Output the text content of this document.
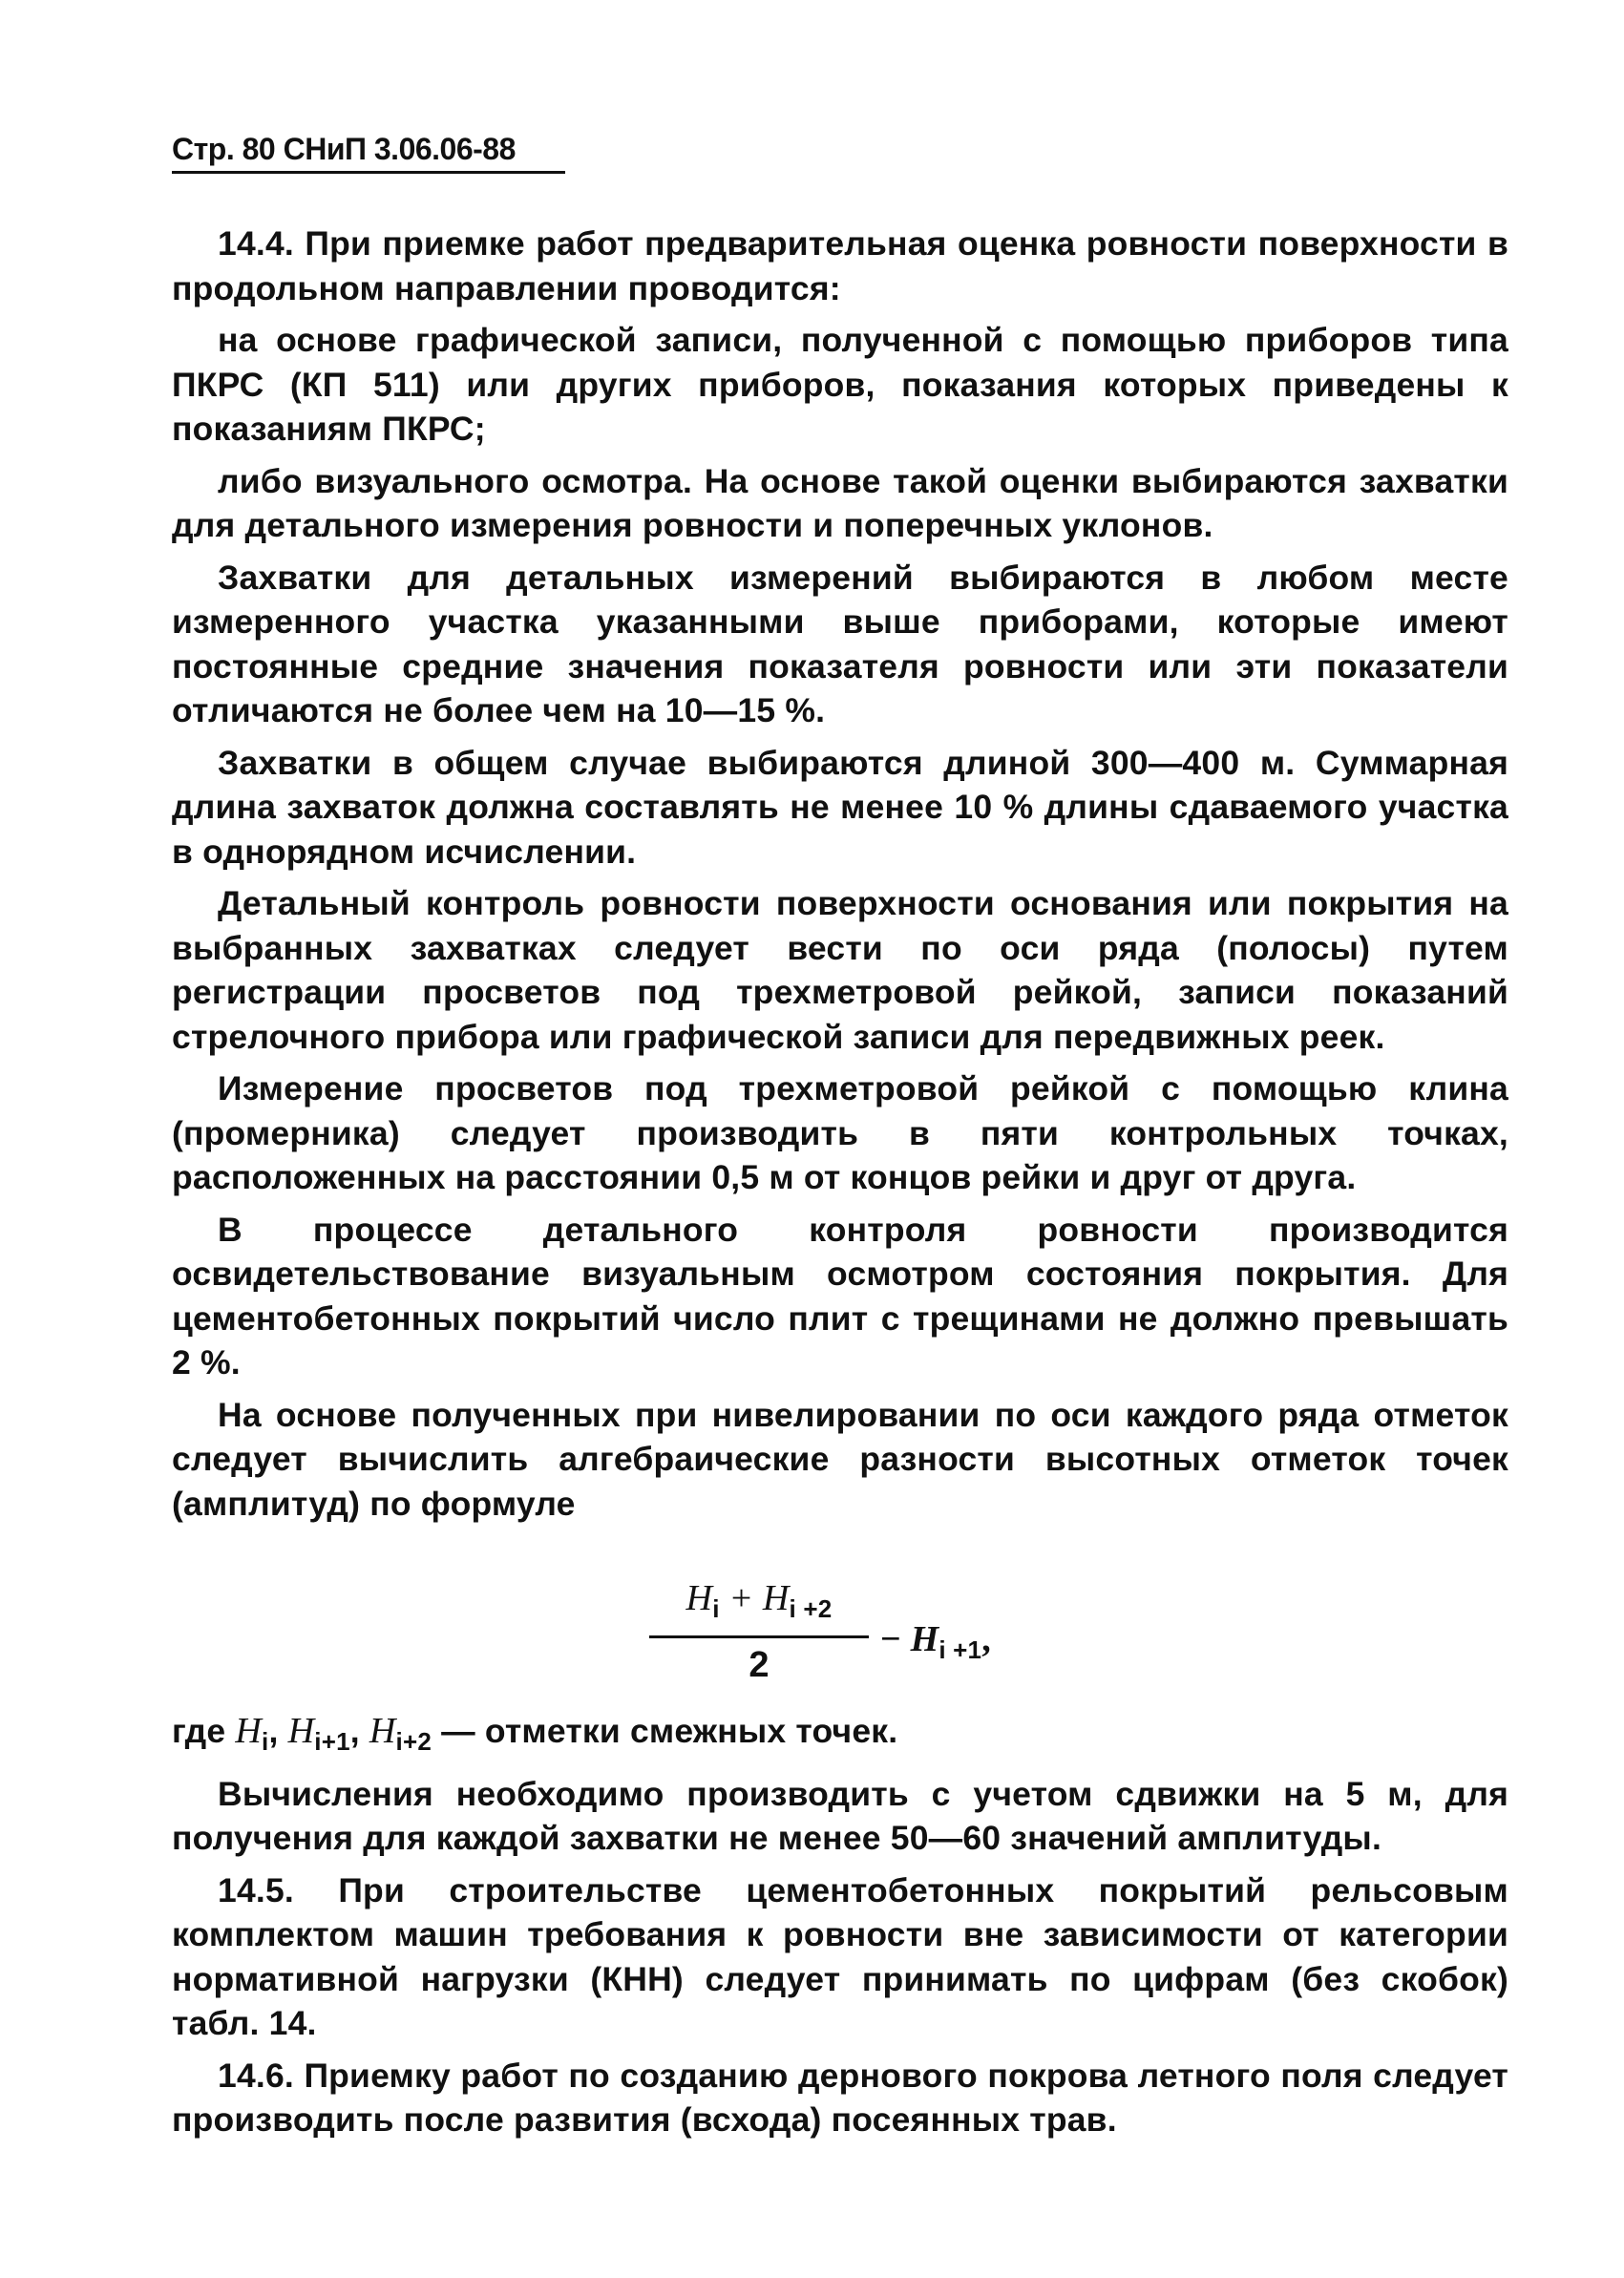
Стр. 80 СНиП 3.06.06-88

14.4. При приемке работ предварительная оценка ровности поверхности в продольном направлении проводится:

на основе графической записи, полученной с помощью приборов типа ПКРС (КП 511) или других приборов, показания которых приведены к показаниям ПКРС;

либо визуального осмотра. На основе такой оценки выбираются захватки для детального измерения ровности и поперечных уклонов.

Захватки для детальных измерений выбираются в любом месте измеренного участка указанными выше приборами, которые имеют постоянные средние значения показателя ровности или эти показатели отличаются не более чем на 10—15 %.

Захватки в общем случае выбираются длиной 300—400 м. Суммарная длина захваток должна составлять не менее 10 % длины сдаваемого участка в однорядном исчислении.

Детальный контроль ровности поверхности основания или покрытия на выбранных захватках следует вести по оси ряда (полосы) путем регистрации просветов под трехметровой рейкой, записи показаний стрелочного прибора или графической записи для передвижных реек.

Измерение просветов под трехметровой рейкой с помощью клина (промерника) следует производить в пяти контрольных точках, расположенных на расстоянии 0,5 м от концов рейки и друг от друга.

В процессе детального контроля ровности производится освидетельствование визуальным осмотром состояния покрытия. Для цементобетонных покрытий число плит с трещинами не должно превышать 2 %.

На основе полученных при нивелировании по оси каждого ряда отметок следует вычислить алгебраические разности высотных отметок точек (амплитуд) по формуле

$H_i + H_{i +2}$
2
− $H_{i +1}$,

где $H_i$, $H_{i+1}$, $H_{i+2}$ — отметки смежных точек.

Вычисления необходимо производить с учетом сдвижки на 5 м, для получения для каждой захватки не менее 50—60 значений амплитуды.

14.5. При строительстве цементобетонных покрытий рельсовым комплектом машин требования к ровности вне зависимости от категории нормативной нагрузки (КНН) следует принимать по цифрам (без скобок) табл. 14.

14.6. Приемку работ по созданию дернового покрова летного поля следует производить после развития (всхода) посеянных трав.
